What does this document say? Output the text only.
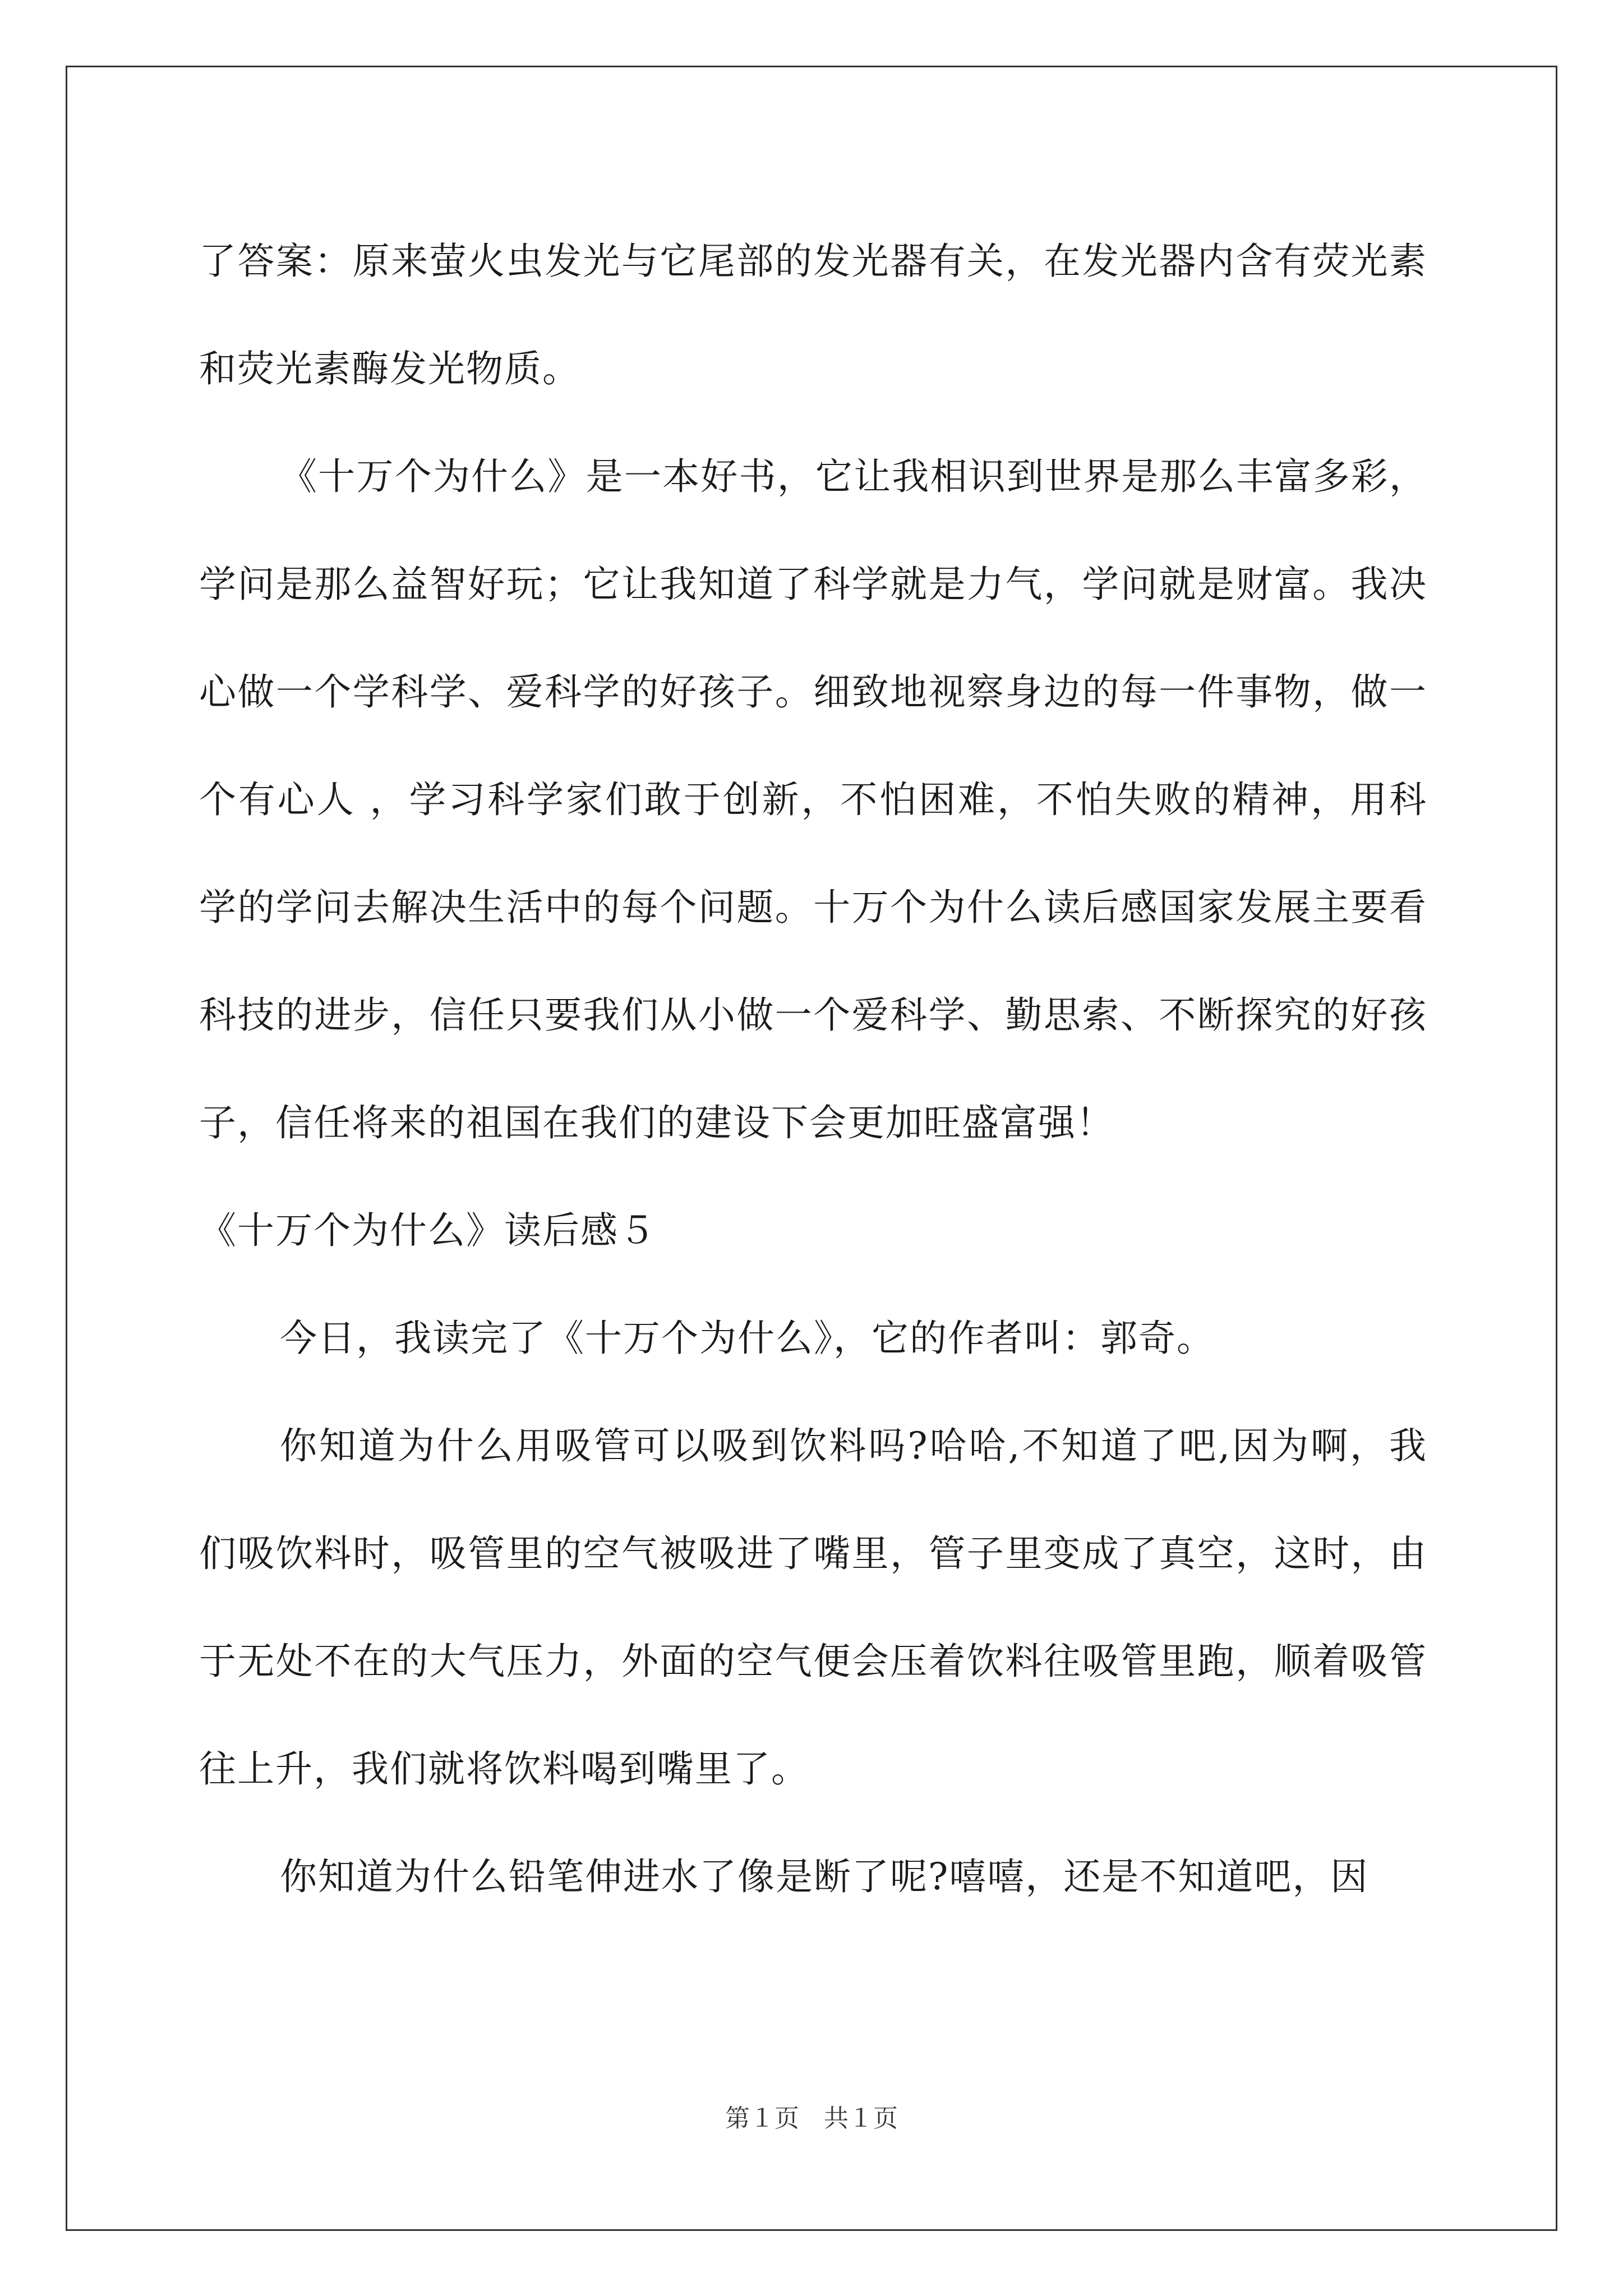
了答案：原来萤火虫发光与它尾部的发光器有关，在发光器内含有荧光素和荧光素酶发光物质。

《十万个为什么》是一本好书，它让我相识到世界是那么丰富多彩，学问是那么益智好玩；它让我知道了科学就是力气，学问就是财富。我决心做一个学科学、爱科学的好孩子。细致地视察身边的每一件事物，做一个有心人 ，学习科学家们敢于创新，不怕困难，不怕失败的精神，用科学的学问去解决生活中的每个问题。十万个为什么读后感国家发展主要看科技的进步，信任只要我们从小做一个爱科学、勤思索、不断探究的好孩子，信任将来的祖国在我们的建设下会更加旺盛富强！

《十万个为什么》读后感５

今日，我读完了《十万个为什么》，它的作者叫：郭奇。

你知道为什么用吸管可以吸到饮料吗?哈哈,不知道了吧,因为啊，我们吸饮料时，吸管里的空气被吸进了嘴里，管子里变成了真空，这时，由于无处不在的大气压力，外面的空气便会压着饮料往吸管里跑，顺着吸管往上升，我们就将饮料喝到嘴里了。

你知道为什么铅笔伸进水了像是断了呢?嘻嘻，还是不知道吧，因

第１页　共１页
